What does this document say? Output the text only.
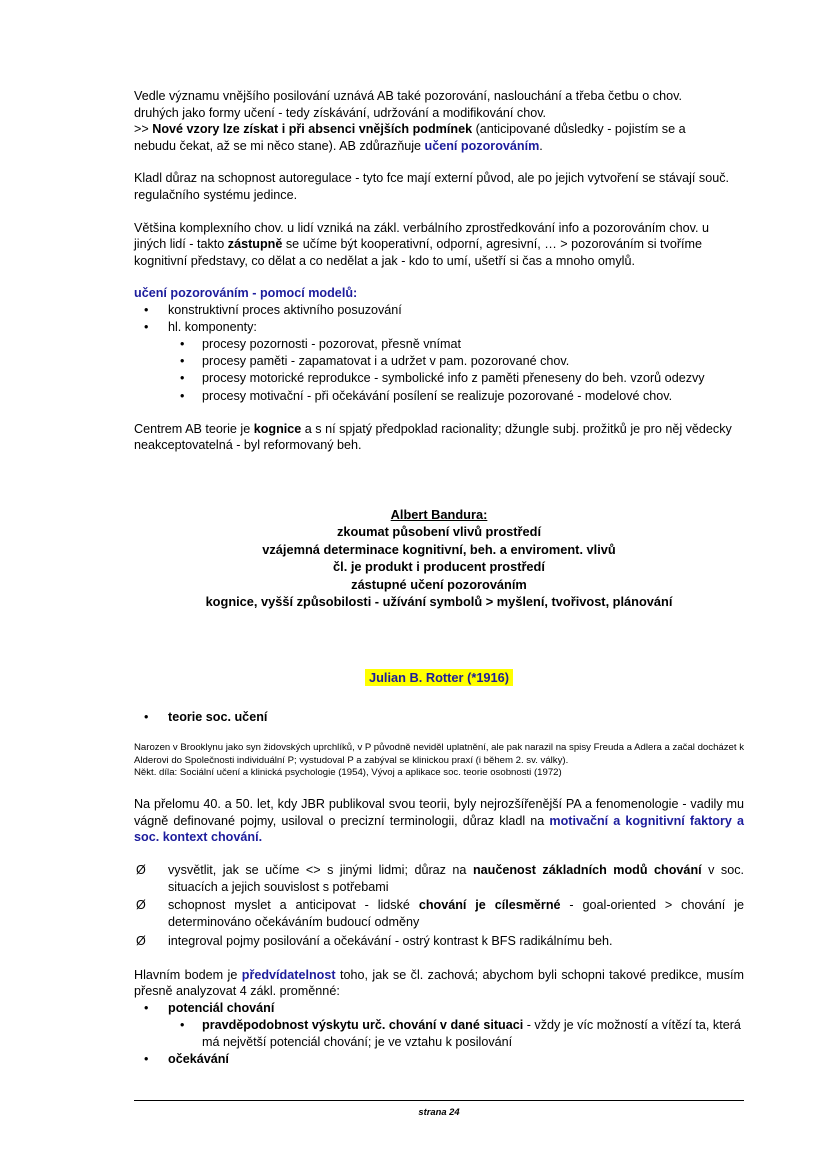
Vedle významu vnějšího posilování uznává AB také pozorování, naslouchání a třeba četbu o chov.
druhých jako formy učení - tedy získávání, udržování a modifikování chov.
>> Nové vzory lze získat i při absenci vnějších podmínek (anticipované důsledky - pojistím se a
nebudu čekat, až se mi něco stane). AB zdůrazňuje učení pozorováním.
Kladl důraz na schopnost autoregulace - tyto fce mají externí původ, ale po jejich vytvoření se stávají souč. regulačního systému jedince.
Většina komplexního chov. u lidí vzniká na zákl. verbálního zprostředkování info a pozorováním chov. u jiných lidí - takto zástupně se učíme být kooperativní, odporní, agresivní, … > pozorováním si tvoříme kognitivní představy, co dělat a co nedělat a jak - kdo to umí, ušetří si čas a mnoho omylů.
učení pozorováním - pomocí modelů:
• konstruktivní proces aktivního posuzování
• hl. komponenty:
• procesy pozornosti - pozorovat, přesně vnímat
• procesy paměti - zapamatovat i a udržet v pam. pozorované chov.
• procesy motorické reprodukce - symbolické info z paměti přeneseny do beh. vzorů odezvy
• procesy motivační - při očekávání posílení se realizuje pozorované - modelové chov.
Centrem AB teorie je kognice a s ní spjatý předpoklad racionality; džungle subj. prožitků je pro něj vědecky neakceptovatelná - byl reformovaný beh.
Albert Bandura:
zkoumat působení vlivů prostředí
vzájemná determinace kognitivní, beh. a enviroment. vlivů
čl. je produkt i producent prostředí
zástupné učení pozorováním
kognice, vyšší způsobilosti - užívání symbolů > myšlení, tvořivost, plánování
Julian B. Rotter (*1916)
• teorie soc. učení
Narozen v Brooklynu jako syn židovských uprchlíků, v P původně neviděl uplatnění, ale pak narazil na spisy Freuda a Adlera a začal docházet k Alderovi do Společnosti individuální P; vystudoval P a zabýval se klinickou praxí (i během 2. sv. války).
Někt. díla: Sociální učení a klinická psychologie (1954), Vývoj a aplikace soc. teorie osobnosti (1972)
Na přelomu 40. a 50. let, kdy JBR publikoval svou teorii, byly nejrozšířenější PA a fenomenologie - vadily mu vágně definované pojmy, usiloval o precizní terminologii, důraz kladl na motivační a kognitivní faktory a soc. kontext chování.
Ø vysvětlit, jak se učíme <> s jinými lidmi; důraz na naučenost základních modů chování v soc. situacích a jejich souvislost s potřebami
Ø schopnost myslet a anticipovat - lidské chování je cílesměrné - goal-oriented > chování je determinováno očekáváním budoucí odměny
Ø integroval pojmy posilování a očekávání - ostrý kontrast k BFS radikálnímu beh.
Hlavním bodem je předvídatelnost toho, jak se čl. zachová; abychom byli schopni takové predikce, musím přesně analyzovat 4 zákl. proměnné:
• potenciál chování
• pravděpodobnost výskytu urč. chování v dané situaci - vždy je víc možností a vítězí ta, která má největší potenciál chování; je ve vztahu k posilování
• očekávání
strana 24
